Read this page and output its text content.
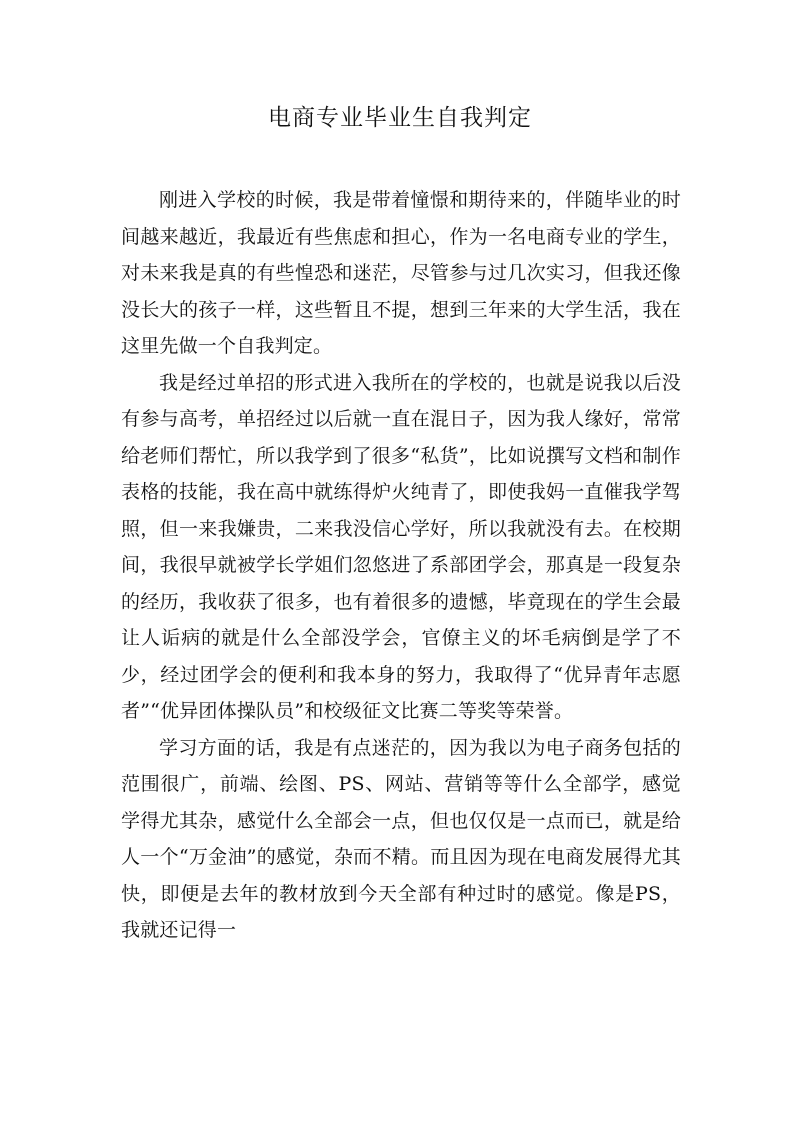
电商专业毕业生自我判定

刚进入学校的时候，我是带着憧憬和期待来的，伴随毕业的时间越来越近，我最近有些焦虑和担心，作为一名电商专业的学生，对未来我是真的有些惶恐和迷茫，尽管参与过几次实习，但我还像没长大的孩子一样，这些暂且不提，想到三年来的大学生活，我在这里先做一个自我判定。

我是经过单招的形式进入我所在的学校的，也就是说我以后没有参与高考，单招经过以后就一直在混日子，因为我人缘好，常常给老师们帮忙，所以我学到了很多“私货”，比如说撰写文档和制作表格的技能，我在高中就练得炉火纯青了，即使我妈一直催我学驾照，但一来我嫌贵，二来我没信心学好，所以我就没有去。在校期间，我很早就被学长学姐们忽悠进了系部团学会，那真是一段复杂的经历，我收获了很多，也有着很多的遗憾，毕竟现在的学生会最让人诟病的就是什么全部没学会，官僚主义的坏毛病倒是学了不少，经过团学会的便利和我本身的努力，我取得了“优异青年志愿者”“优异团体操队员”和校级征文比赛二等奖等荣誉。

学习方面的话，我是有点迷茫的，因为我以为电子商务包括的范围很广，前端、绘图、PS、网站、营销等等什么全部学，感觉学得尤其杂，感觉什么全部会一点，但也仅仅是一点而已，就是给人一个“万金油”的感觉，杂而不精。而且因为现在电商发展得尤其快，即便是去年的教材放到今天全部有种过时的感觉。像是PS，我就还记得一
